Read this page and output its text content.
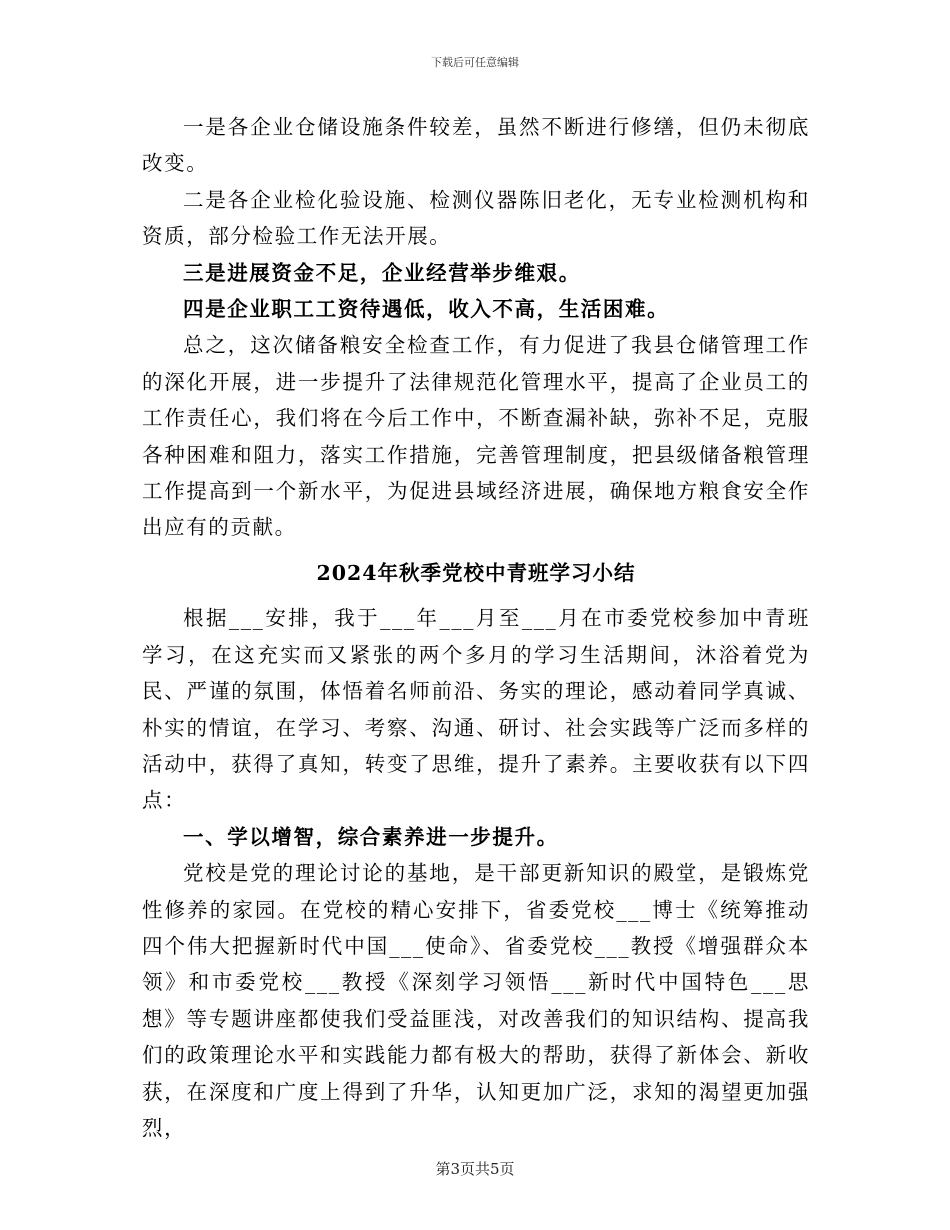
下载后可任意编辑

一是各企业仓储设施条件较差，虽然不断进行修缮，但仍未彻底改变。

二是各企业检化验设施、检测仪器陈旧老化，无专业检测机构和资质，部分检验工作无法开展。

三是进展资金不足，企业经营举步维艰。

四是企业职工工资待遇低，收入不高，生活困难。

总之，这次储备粮安全检查工作，有力促进了我县仓储管理工作的深化开展，进一步提升了法律规范化管理水平，提高了企业员工的工作责任心，我们将在今后工作中，不断查漏补缺，弥补不足，克服各种困难和阻力，落实工作措施，完善管理制度，把县级储备粮管理工作提高到一个新水平，为促进县域经济进展，确保地方粮食安全作出应有的贡献。

2024年秋季党校中青班学习小结

根据___安排，我于___年___月至___月在市委党校参加中青班学习，在这充实而又紧张的两个多月的学习生活期间，沐浴着党为民、严谨的氛围，体悟着名师前沿、务实的理论，感动着同学真诚、朴实的情谊，在学习、考察、沟通、研讨、社会实践等广泛而多样的活动中，获得了真知，转变了思维，提升了素养。主要收获有以下四点：

一、学以增智，综合素养进一步提升。

党校是党的理论讨论的基地，是干部更新知识的殿堂，是锻炼党性修养的家园。在党校的精心安排下，省委党校___博士《统筹推动四个伟大把握新时代中国___使命》、省委党校___教授《增强群众本领》和市委党校___教授《深刻学习领悟___新时代中国特色___思想》等专题讲座都使我们受益匪浅，对改善我们的知识结构、提高我们的政策理论水平和实践能力都有极大的帮助，获得了新体会、新收获，在深度和广度上得到了升华，认知更加广泛，求知的渴望更加强烈，

第3页共5页
